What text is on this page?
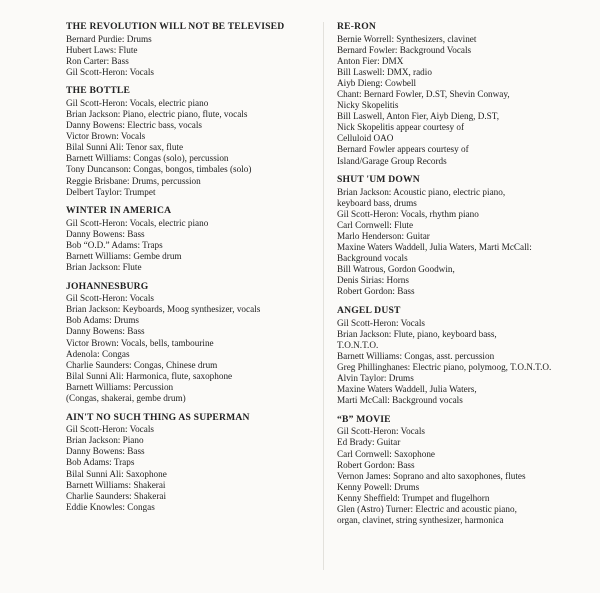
THE REVOLUTION WILL NOT BE TELEVISED
Bernard Purdie: Drums
Hubert Laws: Flute
Ron Carter: Bass
Gil Scott-Heron: Vocals
THE BOTTLE
Gil Scott-Heron: Vocals, electric piano
Brian Jackson: Piano, electric piano, flute, vocals
Danny Bowens: Electric bass, vocals
Victor Brown: Vocals
Bilal Sunni Ali: Tenor sax, flute
Barnett Williams: Congas (solo), percussion
Tony Duncanson: Congas, bongos, timbales (solo)
Reggie Brisbane: Drums, percussion
Delbert Taylor: Trumpet
WINTER IN AMERICA
Gil Scott-Heron: Vocals, electric piano
Danny Bowens: Bass
Bob “O.D.” Adams: Traps
Barnett Williams: Gembe drum
Brian Jackson: Flute
JOHANNESBURG
Gil Scott-Heron: Vocals
Brian Jackson: Keyboards, Moog synthesizer, vocals
Bob Adams: Drums
Danny Bowens: Bass
Victor Brown: Vocals, bells, tambourine
Adenola: Congas
Charlie Saunders: Congas, Chinese drum
Bilal Sunni Ali: Harmonica, flute, saxophone
Barnett Williams: Percussion
(Congas, shakerai, gembe drum)
AIN'T NO SUCH THING AS SUPERMAN
Gil Scott-Heron: Vocals
Brian Jackson: Piano
Danny Bowens: Bass
Bob Adams: Traps
Bilal Sunni Ali: Saxophone
Barnett Williams: Shakerai
Charlie Saunders: Shakerai
Eddie Knowles: Congas
RE-RON
Bernie Worrell: Synthesizers, clavinet
Bernard Fowler: Background Vocals
Anton Fier: DMX
Bill Laswell: DMX, radio
Aiyb Dieng: Cowbell
Chant: Bernard Fowler, D.ST, Shevin Conway,
Nicky Skopelitis
Bill Laswell, Anton Fier, Aiyb Dieng, D.ST,
Nick Skopelitis appear courtesy of
Celluloid OAO
Bernard Fowler appears courtesy of
Island/Garage Group Records
SHUT 'UM DOWN
Brian Jackson: Acoustic piano, electric piano,
keyboard bass, drums
Gil Scott-Heron: Vocals, rhythm piano
Carl Cornwell: Flute
Marlo Henderson: Guitar
Maxine Waters Waddell, Julia Waters, Marti McCall:
Background vocals
Bill Watrous, Gordon Goodwin,
Denis Sirias: Horns
Robert Gordon: Bass
ANGEL DUST
Gil Scott-Heron: Vocals
Brian Jackson: Flute, piano, keyboard bass,
T.O.N.T.O.
Barnett Williams: Congas, asst. percussion
Greg Phillinghanes: Electric piano, polymoog, T.O.N.T.O.
Alvin Taylor: Drums
Maxine Waters Waddell, Julia Waters,
Marti McCall: Background vocals
“B” MOVIE
Gil Scott-Heron: Vocals
Ed Brady: Guitar
Carl Cornwell: Saxophone
Robert Gordon: Bass
Vernon James: Soprano and alto saxophones, flutes
Kenny Powell: Drums
Kenny Sheffield: Trumpet and flugelhorn
Glen (Astro) Turner: Electric and acoustic piano,
organ, clavinet, string synthesizer, harmonica
